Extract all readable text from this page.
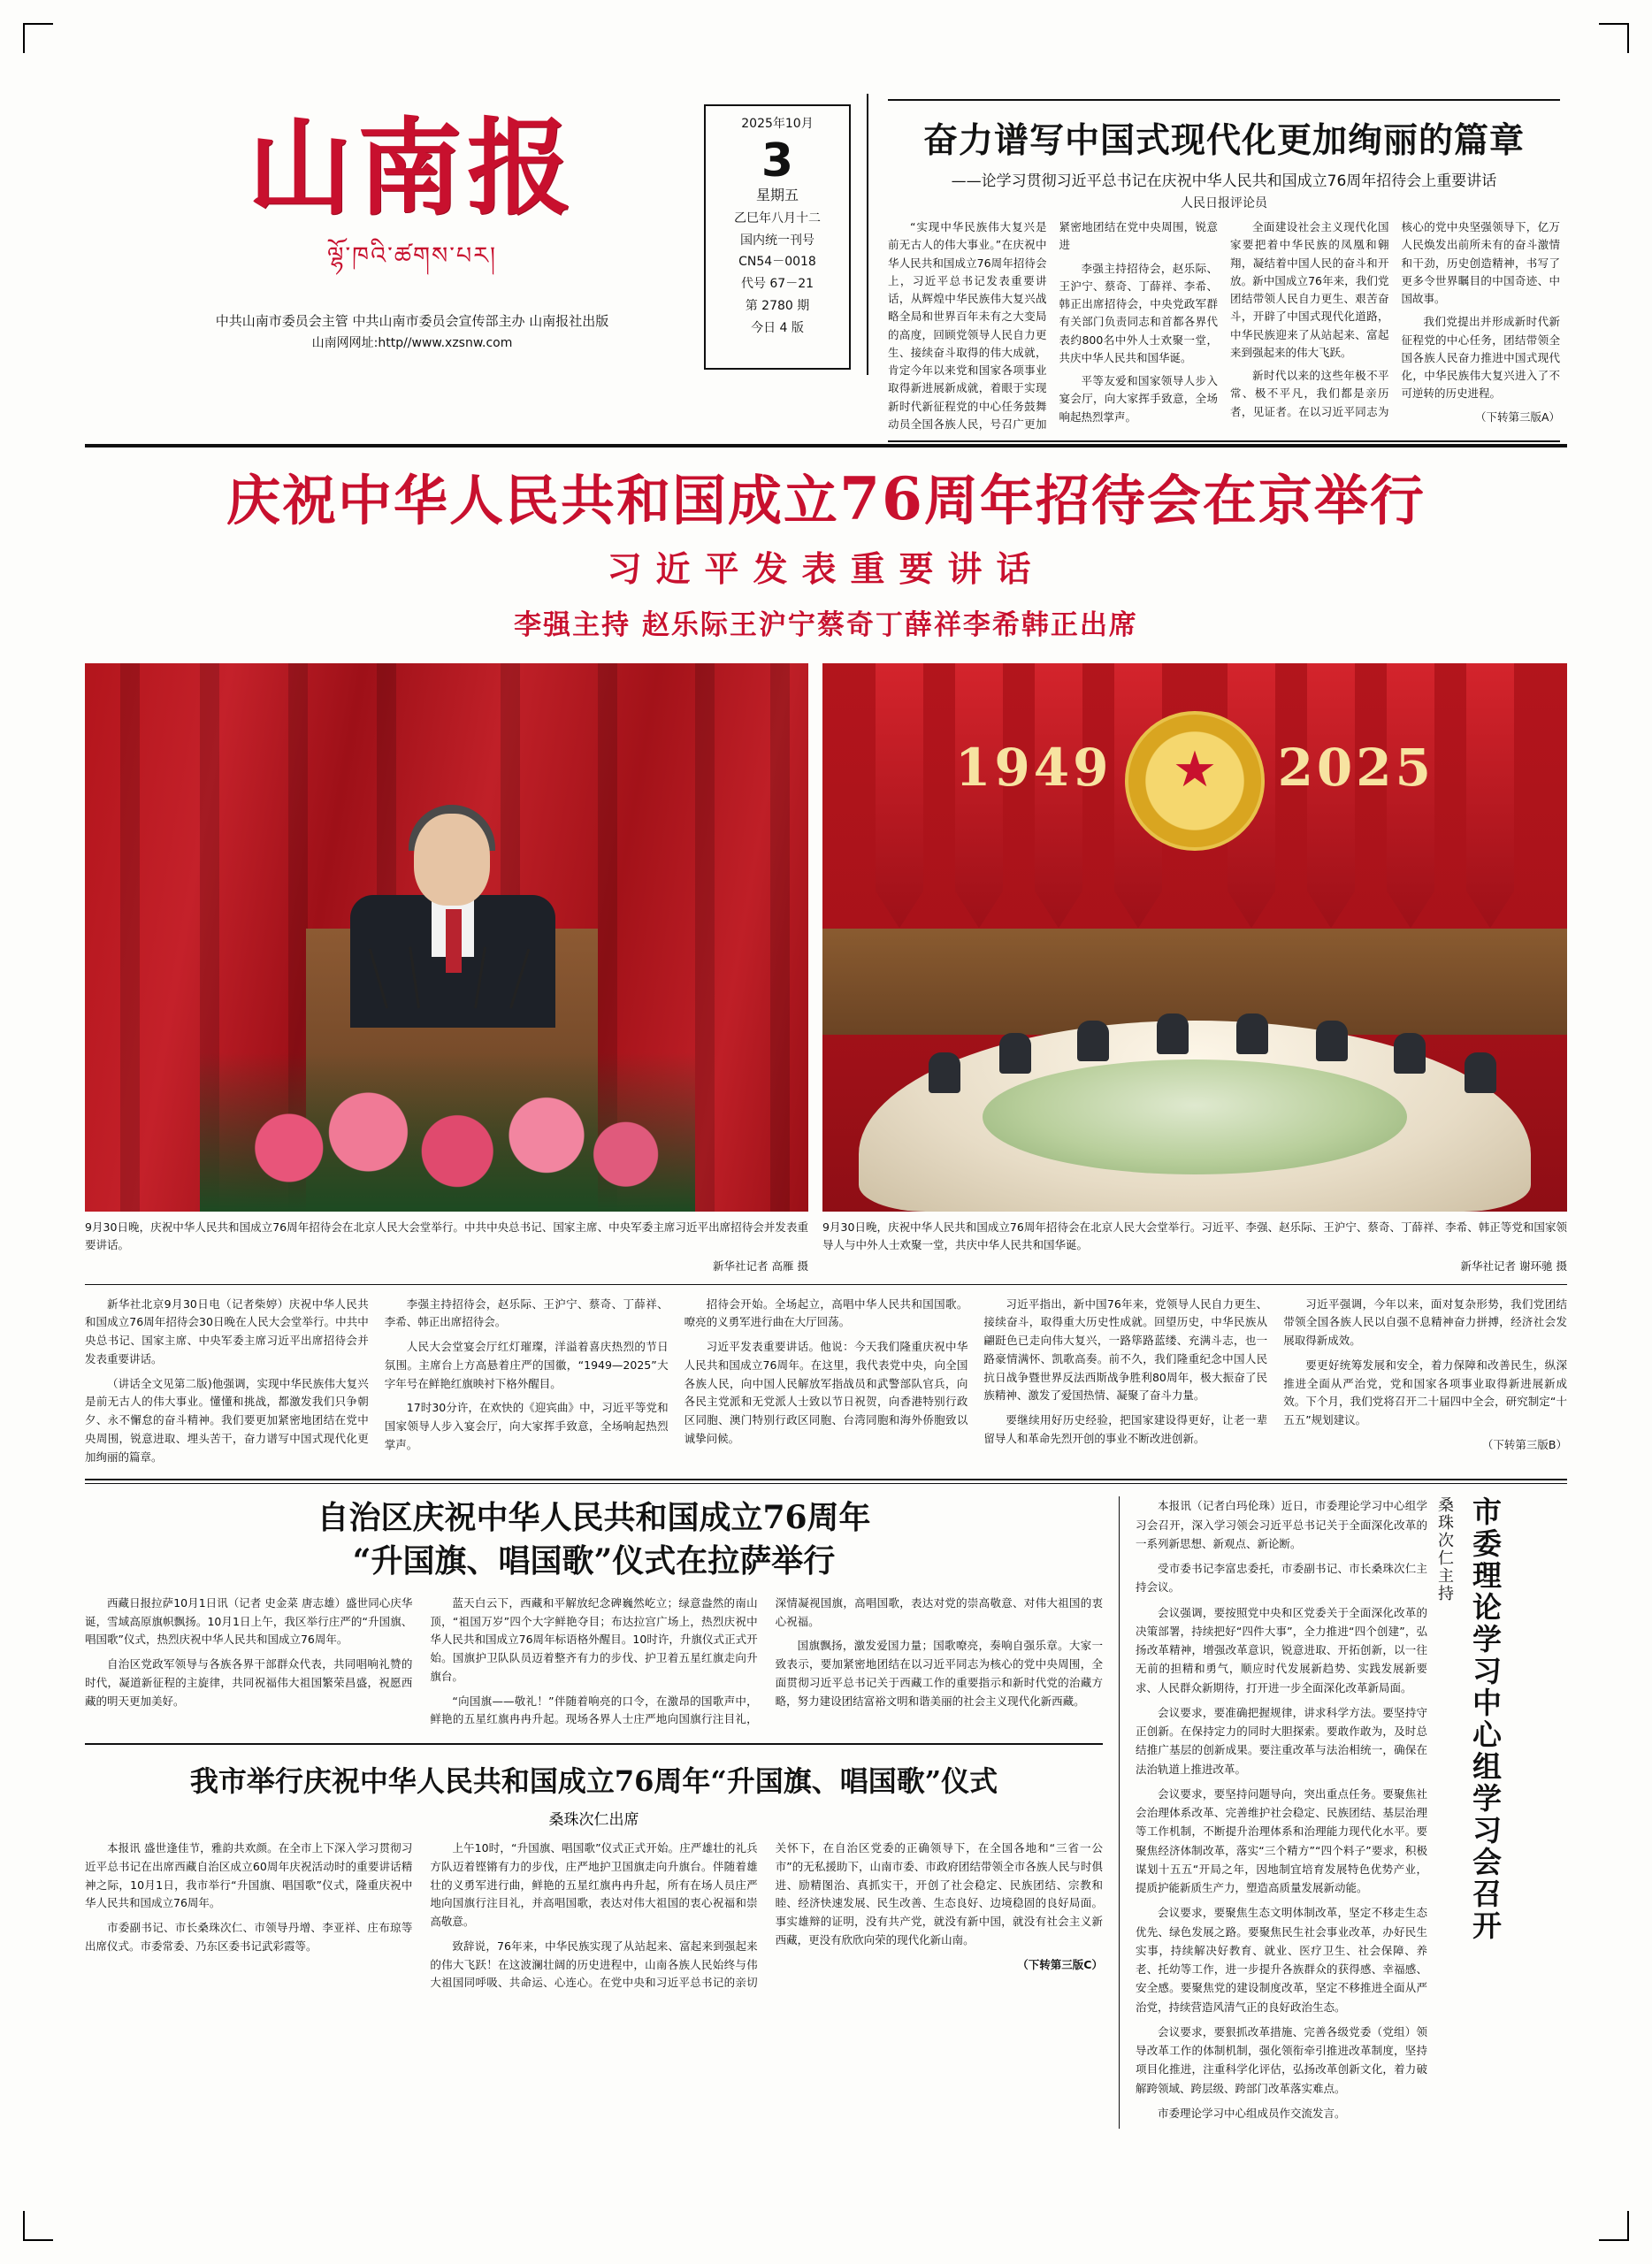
山南报
ལྷོ་ཁའི་ཚགས་པར།
中共山南市委员会主管 中共山南市委员会宣传部主办 山南报社出版
山南网网址:http//www.xzsnw.com
2025年10月
3
星期五
乙巳年八月十二
国内统一刊号
CN54－0018
代号 67－21
第 2780 期
今日 4 版
奋力谱写中国式现代化更加绚丽的篇章
——论学习贯彻习近平总书记在庆祝中华人民共和国成立76周年招待会上重要讲话
人民日报评论员

“实现中华民族伟大复兴是前无古人的伟大事业。”在庆祝中华人民共和国成立76周年招待会上，习近平总书记发表重要讲话，从辉煌中华民族伟大复兴战略全局和世界百年未有之大变局的高度，回顾党领导人民自力更生、接续奋斗取得的伟大成就，肯定今年以来党和国家各项事业取得新进展新成就，着眼于实现新时代新征程党的中心任务鼓舞动员全国各族人民，号召广更加紧密地团结在党中央周围，锐意进

李强主持招待会，赵乐际、王沪宁、蔡奇、丁薛祥、李希、韩正出席招待会，中央党政军群有关部门负责同志和首都各界代表约800名中外人士欢聚一堂，共庆中华人民共和国华诞。

平等友爱和国家领导人步入宴会厅，向大家挥手致意，全场响起热烈掌声。

全面建设社会主义现代化国家要把着中华民族的凤凰和翱翔，凝结着中国人民的奋斗和开放。新中国成立76年来，我们党团结带领人民自力更生、艰苦奋斗，开辟了中国式现代化道路，中华民族迎来了从站起来、富起来到强起来的伟大飞跃。

新时代以来的这些年极不平常、极不平凡，我们都是亲历者，见证者。在以习近平同志为核心的党中央坚强领导下，亿万人民焕发出前所未有的奋斗激情和干劲，历史创造精神，书写了更多令世界瞩目的中国奇迹、中国故事。

我们党提出并形成新时代新征程党的中心任务，团结带领全国各族人民奋力推进中国式现代化，中华民族伟大复兴进入了不可逆转的历史进程。

（下转第三版A）

庆祝中华人民共和国成立76周年招待会在京举行
习近平发表重要讲话
李强主持 赵乐际王沪宁蔡奇丁薛祥李希韩正出席
1949	2025
★
9月30日晚，庆祝中华人民共和国成立76周年招待会在北京人民大会堂举行。中共中央总书记、国家主席、中央军委主席习近平出席招待会并发表重要讲话。
新华社记者 高雁 摄
9月30日晚，庆祝中华人民共和国成立76周年招待会在北京人民大会堂举行。习近平、李强、赵乐际、王沪宁、蔡奇、丁薛祥、李希、韩正等党和国家领导人与中外人士欢聚一堂，共庆中华人民共和国华诞。
新华社记者 谢环驰 摄

新华社北京9月30日电（记者柴婷）庆祝中华人民共和国成立76周年招待会30日晚在人民大会堂举行。中共中央总书记、国家主席、中央军委主席习近平出席招待会并发表重要讲话。

（讲话全文见第二版)他强调，实现中华民族伟大复兴是前无古人的伟大事业。懂懂和挑战，都激发我们只争朝夕、永不懈怠的奋斗精神。我们要更加紧密地团结在党中央周围，锐意进取、埋头苦干，奋力谱写中国式现代化更加绚丽的篇章。

李强主持招待会，赵乐际、王沪宁、蔡奇、丁薛祥、李希、韩正出席招待会。

人民大会堂宴会厅红灯璀璨，洋溢着喜庆热烈的节日氛围。主席台上方高悬着庄严的国徽，“1949—2025”大字年号在鲜艳红旗映衬下格外醒目。

17时30分许，在欢快的《迎宾曲》中，习近平等党和国家领导人步入宴会厅，向大家挥手致意，全场响起热烈掌声。

招待会开始。全场起立，高唱中华人民共和国国歌。嘹亮的义勇军进行曲在大厅回荡。

习近平发表重要讲话。他说：今天我们隆重庆祝中华人民共和国成立76周年。在这里，我代表党中央，向全国各族人民，向中国人民解放军指战员和武警部队官兵，向各民主党派和无党派人士致以节日祝贺，向香港特别行政区同胞、澳门特别行政区同胞、台湾同胞和海外侨胞致以诚挚问候。

习近平指出，新中国76年来，党领导人民自力更生、接续奋斗，取得重大历史性成就。回望历史，中华民族从翩跹色已走向伟大复兴，一路筚路蓝缕、充满斗志，也一路豪情满怀、凯歌高奏。前不久，我们隆重纪念中国人民抗日战争暨世界反法西斯战争胜利80周年，极大振奋了民族精神、激发了爱国热情、凝聚了奋斗力量。

要继续用好历史经验，把国家建设得更好，让老一辈留导人和革命先烈开创的事业不断改进创新。

习近平强调，今年以来，面对复杂形势，我们党团结带领全国各族人民以自强不息精神奋力拼搏，经济社会发展取得新成效。

要更好统筹发展和安全，着力保障和改善民生，纵深推进全面从严治党，党和国家各项事业取得新进展新成效。下个月，我们党将召开二十届四中全会，研究制定“十五五”规划建议。

（下转第三版B）

自治区庆祝中华人民共和国成立76周年
“升国旗、唱国歌”仪式在拉萨举行

西藏日报拉萨10月1日讯（记者 史金菜 唐志雄）盛世同心庆华诞，雪域高原旗帜飘扬。10月1日上午，我区举行庄严的“升国旗、唱国歌”仪式，热烈庆祝中华人民共和国成立76周年。

自治区党政军领导与各族各界干部群众代表，共同唱响礼赞的时代，凝道新征程的主旋律，共同祝福伟大祖国繁荣昌盛，祝愿西藏的明天更加美好。

蓝天白云下，西藏和平解放纪念碑巍然屹立；绿意盎然的南山顶，“祖国万岁”四个大字鲜艳夺目；布达拉宫广场上，热烈庆祝中华人民共和国成立76周年标语格外醒目。10时许，升旗仪式正式开始。国旗护卫队队员迈着整齐有力的步伐、护卫着五星红旗走向升旗台。

“向国旗——敬礼！”伴随着响亮的口令，在激昂的国歌声中，鲜艳的五星红旗冉冉升起。现场各界人士庄严地向国旗行注目礼，深情凝视国旗，高唱国歌，表达对党的崇高敬意、对伟大祖国的衷心祝福。

国旗飘扬，激发爱国力量；国歌嘹亮，奏响自强乐章。大家一致表示，要加紧密地团结在以习近平同志为核心的党中央周围，全面贯彻习近平总书记关于西藏工作的重要指示和新时代党的治藏方略，努力建设团结富裕文明和谐美丽的社会主义现代化新西藏。

我市举行庆祝中华人民共和国成立76周年“升国旗、唱国歌”仪式
桑珠次仁出席

本报讯 盛世逢佳节，雅韵共欢颜。在全市上下深入学习贯彻习近平总书记在出席西藏自治区成立60周年庆祝活动时的重要讲话精神之际，10月1日，我市举行“升国旗、唱国歌”仪式，隆重庆祝中华人民共和国成立76周年。

市委副书记、市长桑珠次仁、市领导丹增、李亚祥、庄布琼等出席仪式。市委常委、乃东区委书记武彩霞等。

上午10时，“升国旗、唱国歌”仪式正式开始。庄严雄壮的礼兵方队迈着铿锵有力的步伐，庄严地护卫国旗走向升旗台。伴随着雄壮的义勇军进行曲，鲜艳的五星红旗冉冉升起，所有在场人员庄严地向国旗行注目礼，并高唱国歌，表达对伟大祖国的衷心祝福和崇高敬意。

致辞说，76年来，中华民族实现了从站起来、富起来到强起来的伟大飞跃！在这波澜壮阔的历史进程中，山南各族人民始终与伟大祖国同呼吸、共命运、心连心。在党中央和习近平总书记的亲切关怀下，在自治区党委的正确领导下，在全国各地和“三省一公市”的无私援助下，山南市委、市政府团结带领全市各族人民与时俱进、励精图治、真抓实干，开创了社会稳定、民族团结、宗教和睦、经济快速发展、民生改善、生态良好、边境稳固的良好局面。事实雄辩的证明，没有共产党，就没有新中国，就没有社会主义新西藏，更没有欣欣向荣的现代化新山南。

（下转第三版C）

本报讯（记者白玛伦珠）近日，市委理论学习中心组学习会召开，深入学习领会习近平总书记关于全面深化改革的一系列新思想、新观点、新论断。

受市委书记李富忠委托，市委副书记、市长桑珠次仁主持会议。

会议强调，要按照党中央和区党委关于全面深化改革的决策部署，持续把好“四件大事”，全力推进“四个创建”，弘扬改革精神，增强改革意识，锐意进取、开拓创新，以一往无前的担精和勇气，顺应时代发展新趋势、实践发展新要求、人民群众新期待，打开进一步全面深化改革新局面。

会议要求，要准确把握规律，讲求科学方法。要坚持守正创新。在保持定力的同时大胆探索。要敢作敢为，及时总结推广基层的创新成果。要注重改革与法治相统一，确保在法治轨道上推进改革。

会议要求，要坚持问题导向，突出重点任务。要聚焦社会治理体系改革、完善维护社会稳定、民族团结、基层治理等工作机制，不断提升治理体系和治理能力现代化水平。要聚焦经济体制改革，落实“三个精方”“四个料子”要求，积极谋划十五五“开局之年，因地制宜培育发展特色优势产业，提质护能新质生产力，塑造高质量发展新动能。

会议要求，要聚焦生态文明体制改革，坚定不移走生态优先、绿色发展之路。要聚焦民生社会事业改革，办好民生实事，持续解决好教育、就业、医疗卫生、社会保障、养老、托幼等工作，进一步提升各族群众的获得感、幸福感、安全感。要聚焦党的建设制度改革，坚定不移推进全面从严治党，持续营造风清气正的良好政治生态。

会议要求，要狠抓改革措施、完善各级党委（党组）领导改革工作的体制机制，强化领衔牵引推进改革制度，坚持项目化推进，注重科学化评估，弘扬改革创新文化，着力破解跨领域、跨层级、跨部门改革落实难点。

市委理论学习中心组成员作交流发言。

桑珠次仁主持 市委理论学习中心组学习会召开
